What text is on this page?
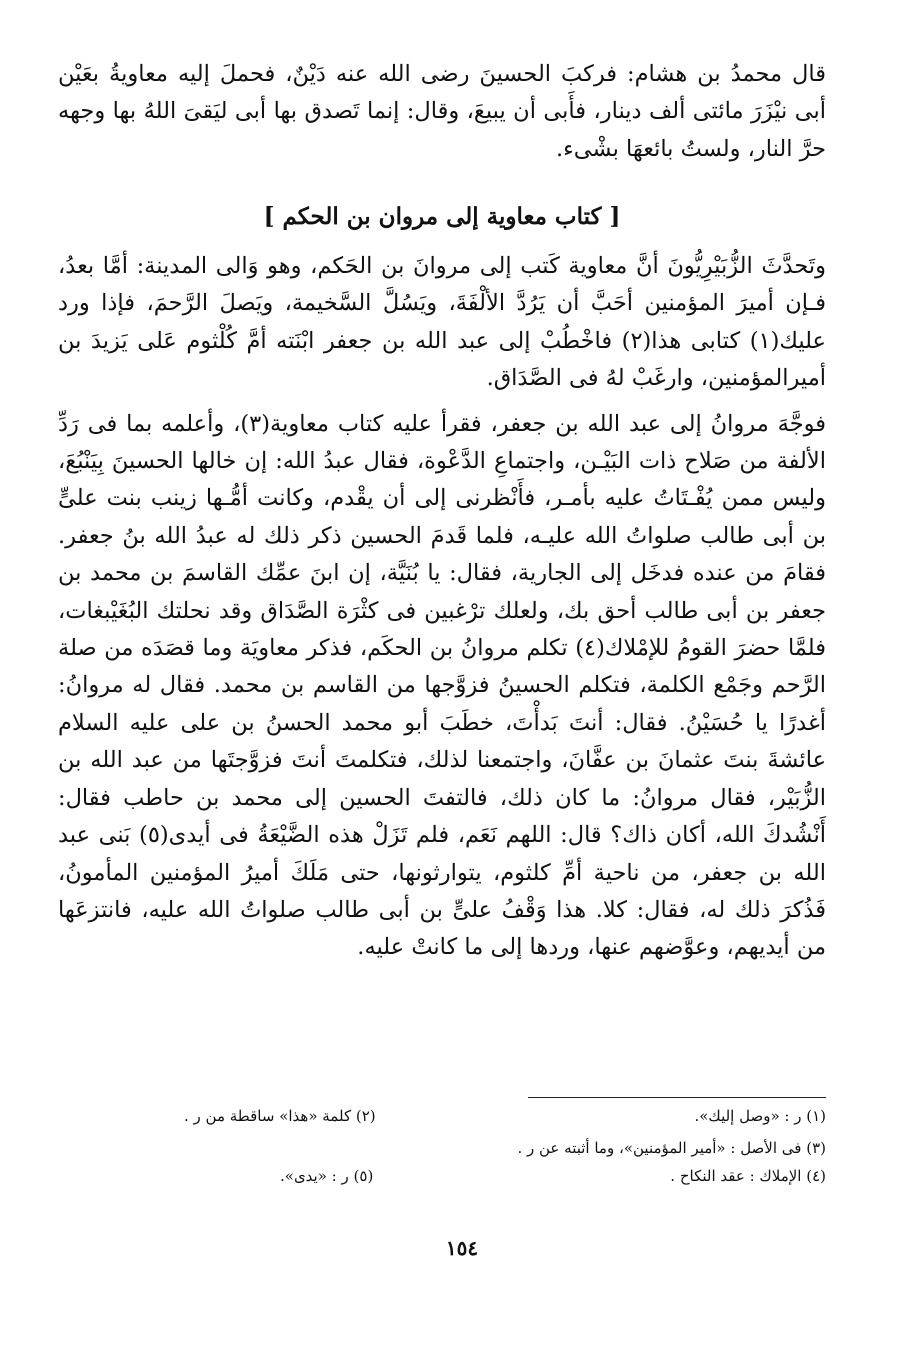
قال محمدُ بن هشام: فركبَ الحسينَ رضى الله عنه دَيْنٌ، فحملَ إليه معاويةُ بعَيْن أبى نيْزَرَ مائتى ألف دينار، فأَبى أن يبيعَ، وقال: إنما تَصدق بها أبى ليَقىَ اللهُ بها وجهه حرَّ النار، ولستُ بائعهَا بشْىء.

[ كتاب معاوية إلى مروان بن الحكم ]

وتَحدَّثَ الزُّبَيْرِيُّونَ أنَّ معاوية كَتب إلى مروانَ بن الحَكم، وهو وَالى المدينة: أمَّا بعدُ، فـإن أميرَ المؤمنين أحَبَّ أن يَرُدَّ الألْفَةَ، ويَسُلَّ السَّخيمة، ويَصلَ الرَّحمَ، فإذا ورد عليك(١) كتابى هذا(٢) فاخْطُبْ إلى عبد الله بن جعفر ابْنَته أمَّ كُلْثوم عَلى يَزيدَ بن أميرالمؤمنين، وارغَبْ لهُ فى الصَّدَاق.

فوجَّهَ مروانُ إلى عبد الله بن جعفر، فقرأ عليه كتاب معاوية(٣)، وأعلمه بما فى رَدِّ الألفة من صَلاح ذات البَيْـن، واجتماعِ الدَّعْوة، فقال عبدُ الله: إن خالها الحسينَ بِيَنْبُعَ، وليس ممن يُفْـتَاتُ عليه بأمـر، فأَنْظرنى إلى أن يقْدم، وكانت أمُّـها زينب بنت علىٍّ بن أبى طالب صلواتُ الله عليـه، فلما قَدمَ الحسين ذكر ذلك له عبدُ الله بنُ جعفر. فقامَ من عنده فدخَل إلى الجارية، فقال: يا بُنَيَّة، إن ابنَ عمِّك القاسمَ بن محمد بن جعفر بن أبى طالب أحق بك، ولعلك ترْغبين فى كثْرَة الصَّدَاق وقد نحلتك البُغَيْبغات، فلمَّا حضرَ القومُ للإمْلاك(٤) تكلم مروانُ بن الحكَم، فذكر معاويَة وما قصَدَه من صلة الرَّحم وجَمْع الكلمة، فتكلم الحسينُ فزوَّجها من القاسم بن محمد. فقال له مروانُ: أغدرًا يا حُسَيْنُ. فقال: أنتَ بَدأْتَ، خطَبَ أبو محمد الحسنُ بن على عليه السلام عائشةَ بنتَ عثمانَ بن عفَّانَ، واجتمعنا لذلك، فتكلمتَ أنتَ فزوَّجتَها من عبد الله بن الزُّبَيْر، فقال مروانُ: ما كان ذلك، فالتفتَ الحسين إلى محمد بن حاطب فقال: أَنْشُدكَ الله، أكان ذاك؟ قال: اللهم نَعَم، فلم تَزَلْ هذه الضَّيْعَةُ فى أيدى(٥) بَنى عبد الله بن جعفر، من ناحية أمِّ كلثوم، يتوارثونها، حتى مَلَكَ أميرُ المؤمنين المأمونُ، فَذُكرَ ذلك له، فقال: كلا. هذا وَقْفُ علىٍّ بن أبى طالب صلواتُ الله عليه، فانتزعَها من أيديهم، وعوَّضهم عنها، وردها إلى ما كانتْ عليه.

(١) ر : «وصل إليك».
(٢) كلمة «هذا» ساقطة من ر .
(٣) فى الأصل : «أمير المؤمنين»، وما أثبته عن ر .
(٤) الإملاك : عقد النكاح .
(٥) ر : «يدى».
١٥٤
